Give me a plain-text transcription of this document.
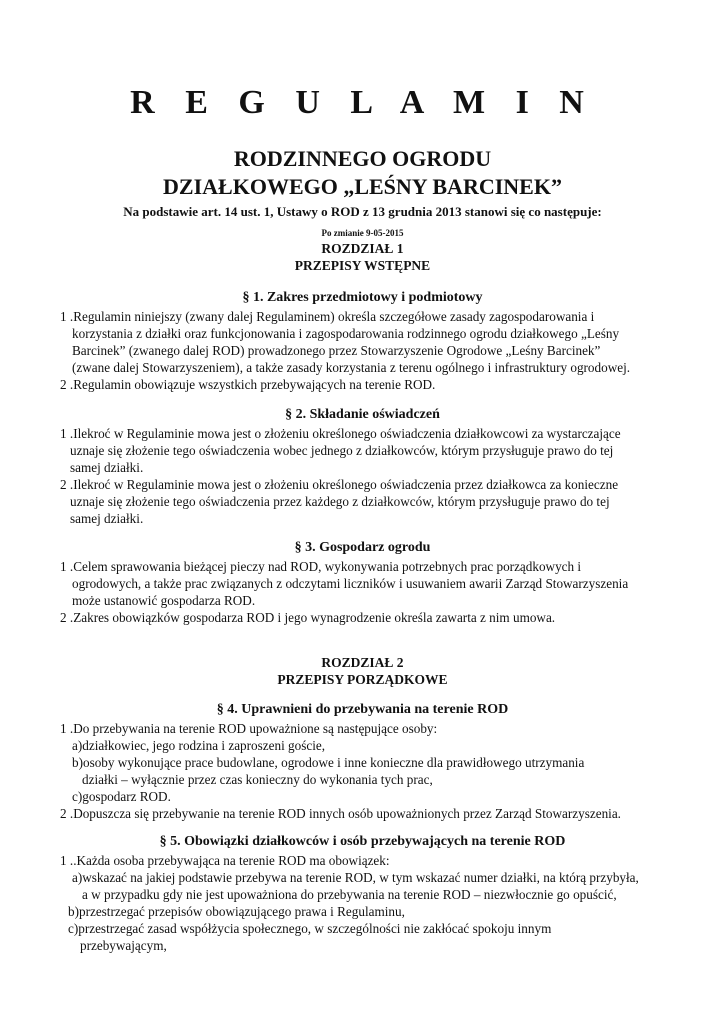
R E G U L A M I N
RODZINNEGO OGRODU
DZIAŁKOWEGO „LEŚNY BARCINEK”
Na podstawie art. 14 ust. 1, Ustawy o ROD z 13 grudnia 2013 stanowi się co następuje:
Po zmianie 9-05-2015
ROZDZIAŁ 1
PRZEPISY WSTĘPNE
§ 1. Zakres przedmiotowy i podmiotowy
1 .Regulamin niniejszy (zwany dalej Regulaminem) określa szczegółowe zasady zagospodarowania i
korzystania z działki oraz funkcjonowania i zagospodarowania rodzinnego ogrodu działkowego „Leśny
Barcinek” (zwanego dalej ROD) prowadzonego przez Stowarzyszenie Ogrodowe „Leśny Barcinek”
(zwane dalej Stowarzyszeniem), a także zasady korzystania z terenu ogólnego i infrastruktury ogrodowej.
2 .Regulamin obowiązuje wszystkich przebywających na terenie ROD.
§ 2. Składanie oświadczeń
1 .Ilekroć w Regulaminie mowa jest o złożeniu określonego oświadczenia działkowcowi za wystarczające
uznaje się złożenie tego oświadczenia wobec jednego z działkowców, którym przysługuje prawo do tej
samej działki.
2 .Ilekroć w Regulaminie mowa jest o złożeniu określonego oświadczenia przez działkowca za konieczne
uznaje się złożenie tego oświadczenia przez każdego z działkowców, którym przysługuje prawo do tej
samej działki.
§ 3. Gospodarz ogrodu
1 .Celem sprawowania bieżącej pieczy nad ROD, wykonywania potrzebnych prac porządkowych i
ogrodowych, a także prac związanych z odczytami liczników i usuwaniem awarii Zarząd Stowarzyszenia
może ustanowić gospodarza ROD.
2 .Zakres obowiązków gospodarza ROD i jego wynagrodzenie określa zawarta z nim umowa.
ROZDZIAŁ 2
PRZEPISY PORZĄDKOWE
§ 4. Uprawnieni do przebywania na terenie ROD
1 .Do przebywania na terenie ROD upoważnione są następujące osoby:
a)działkowiec, jego rodzina i zaproszeni goście,
b)osoby wykonujące prace budowlane, ogrodowe i inne konieczne dla prawidłowego utrzymania
działki – wyłącznie przez czas konieczny do wykonania tych prac,
c)gospodarz ROD.
2 .Dopuszcza się przebywanie na terenie ROD innych osób upoważnionych przez Zarząd Stowarzyszenia.
§ 5. Obowiązki działkowców i osób przebywających na terenie ROD
1 ..Każda osoba przebywająca na terenie ROD ma obowiązek:
a)wskazać na jakiej podstawie przebywa na terenie ROD, w tym wskazać numer działki, na którą przybyła,
a w przypadku gdy nie jest upoważniona do przebywania na terenie ROD – niezwłocznie go opuścić,
b)przestrzegać przepisów obowiązującego prawa i Regulaminu,
c)przestrzegać zasad współżycia społecznego, w szczególności nie zakłócać spokoju innym
przebywającym,
